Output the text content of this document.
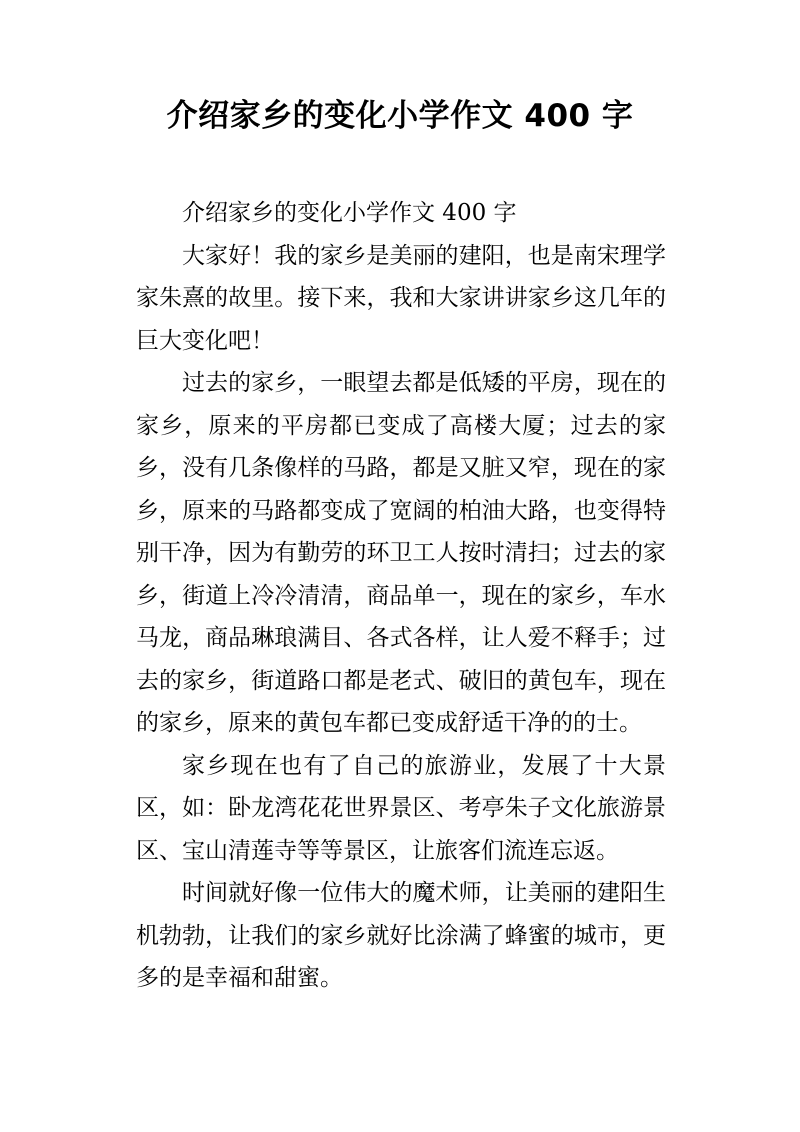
介绍家乡的变化小学作文 400 字

介绍家乡的变化小学作文 400 字

大家好！我的家乡是美丽的建阳，也是南宋理学家朱熹的故里。接下来，我和大家讲讲家乡这几年的巨大变化吧！

过去的家乡，一眼望去都是低矮的平房，现在的家乡，原来的平房都已变成了高楼大厦；过去的家乡，没有几条像样的马路，都是又脏又窄，现在的家乡，原来的马路都变成了宽阔的柏油大路，也变得特别干净，因为有勤劳的环卫工人按时清扫；过去的家乡，街道上冷冷清清，商品单一，现在的家乡，车水马龙，商品琳琅满目、各式各样，让人爱不释手；过去的家乡，街道路口都是老式、破旧的黄包车，现在的家乡，原来的黄包车都已变成舒适干净的的士。

家乡现在也有了自己的旅游业，发展了十大景区，如：卧龙湾花花世界景区、考亭朱子文化旅游景区、宝山清莲寺等等景区，让旅客们流连忘返。

时间就好像一位伟大的魔术师，让美丽的建阳生机勃勃，让我们的家乡就好比涂满了蜂蜜的城市，更多的是幸福和甜蜜。
